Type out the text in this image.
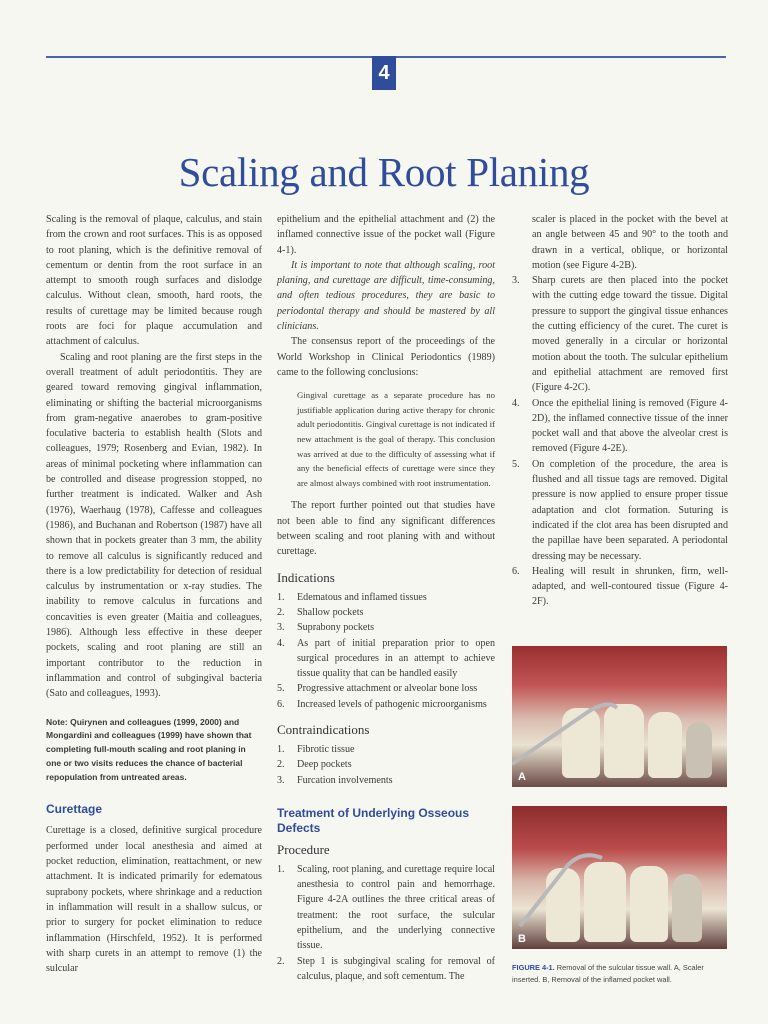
4
Scaling and Root Planing

Scaling is the removal of plaque, calculus, and stain from the crown and root surfaces. This is as opposed to root planing, which is the definitive removal of cementum or dentin from the root surface in an attempt to smooth rough surfaces and dislodge calculus. Without clean, smooth, hard roots, the results of curettage may be limited because rough roots are foci for plaque accumulation and attachment of calculus.

Scaling and root planing are the first steps in the overall treatment of adult periodontitis. They are geared toward removing gingival inflammation, eliminating or shifting the bacterial microorganisms from gram-negative anaerobes to gram-positive foculative bacteria to establish health (Slots and colleagues, 1979; Rosenberg and Evian, 1982). In areas of minimal pocketing where inflammation can be controlled and disease progression stopped, no further treatment is indicated. Walker and Ash (1976), Waerhaug (1978), Caffesse and colleagues (1986), and Buchanan and Robertson (1987) have all shown that in pockets greater than 3 mm, the ability to remove all calculus is significantly reduced and there is a low predictability for detection of residual calculus by instrumentation or x-ray studies. The inability to remove calculus in furcations and concavities is even greater (Maitia and colleagues, 1986). Although less effective in these deeper pockets, scaling and root planing are still an important contributor to the reduction in inflammation and control of subgingival bacteria (Sato and colleagues, 1993).

Note: Quirynen and colleagues (1999, 2000) and Mongardini and colleagues (1999) have shown that completing full-mouth scaling and root planing in one or two visits reduces the chance of bacterial repopulation from untreated areas.
Curettage

Curettage is a closed, definitive surgical procedure performed under local anesthesia and aimed at pocket reduction, elimination, reattachment, or new attachment. It is indicated primarily for edematous suprabony pockets, where shrinkage and a reduction in inflammation will result in a shallow sulcus, or prior to surgery for pocket elimination to reduce inflammation (Hirschfeld, 1952). It is performed with sharp curets in an attempt to remove (1) the sulcular

epithelium and the epithelial attachment and (2) the inflamed connective issue of the pocket wall (Figure 4-1).

It is important to note that although scaling, root planing, and curettage are difficult, time-consuming, and often tedious procedures, they are basic to periodontal therapy and should be mastered by all clinicians.

The consensus report of the proceedings of the World Workshop in Clinical Periodontics (1989) came to the following conclusions:

Gingival curettage as a separate procedure has no justifiable application during active therapy for chronic adult periodontitis. Gingival curettage is not indicated if new attachment is the goal of therapy. This conclusion was arrived at due to the difficulty of assessing what if any the beneficial effects of curettage were since they are almost always combined with root instrumentation.

The report further pointed out that studies have not been able to find any significant differences between scaling and root planing with and without curettage.

Indications
1.	Edematous and inflamed tissues
2.	Shallow pockets
3.	Suprabony pockets
4.	As part of initial preparation prior to open surgical procedures in an attempt to achieve tissue quality that can be handled easily
5.	Progressive attachment or alveolar bone loss
6.	Increased levels of pathogenic microorganisms
Contraindications
1.	Fibrotic tissue
2.	Deep pockets
3.	Furcation involvements
Treatment of Underlying Osseous Defects
Procedure
1.	Scaling, root planing, and curettage require local anesthesia to control pain and hemorrhage. Figure 4-2A outlines the three critical areas of treatment: the root surface, the sulcular epithelium, and the underlying connective tissue.
2.	Step 1 is subgingival scaling for removal of calculus, plaque, and soft cementum. The

scaler is placed in the pocket with the bevel at an angle between 45 and 90° to the tooth and drawn in a vertical, oblique, or horizontal motion (see Figure 4-2B).

3.	Sharp curets are then placed into the pocket with the cutting edge toward the tissue. Digital pressure to support the gingival tissue enhances the cutting efficiency of the curet. The curet is moved generally in a circular or horizontal motion about the tooth. The sulcular epithelium and epithelial attachment are removed first (Figure 4-2C).
4.	Once the epithelial lining is removed (Figure 4-2D), the inflamed connective tissue of the inner pocket wall and that above the alveolar crest is removed (Figure 4-2E).
5.	On completion of the procedure, the area is flushed and all tissue tags are removed. Digital pressure is now applied to ensure proper tissue adaptation and clot formation. Suturing is indicated if the clot area has been disrupted and the papillae have been separated. A periodontal dressing may be necessary.
6.	Healing will result in shrunken, firm, well-adapted, and well-contoured tissue (Figure 4-2F).
A
B
FIGURE 4-1. Removal of the sulcular tissue wall. A, Scaler inserted. B, Removal of the inflamed pocket wall.
